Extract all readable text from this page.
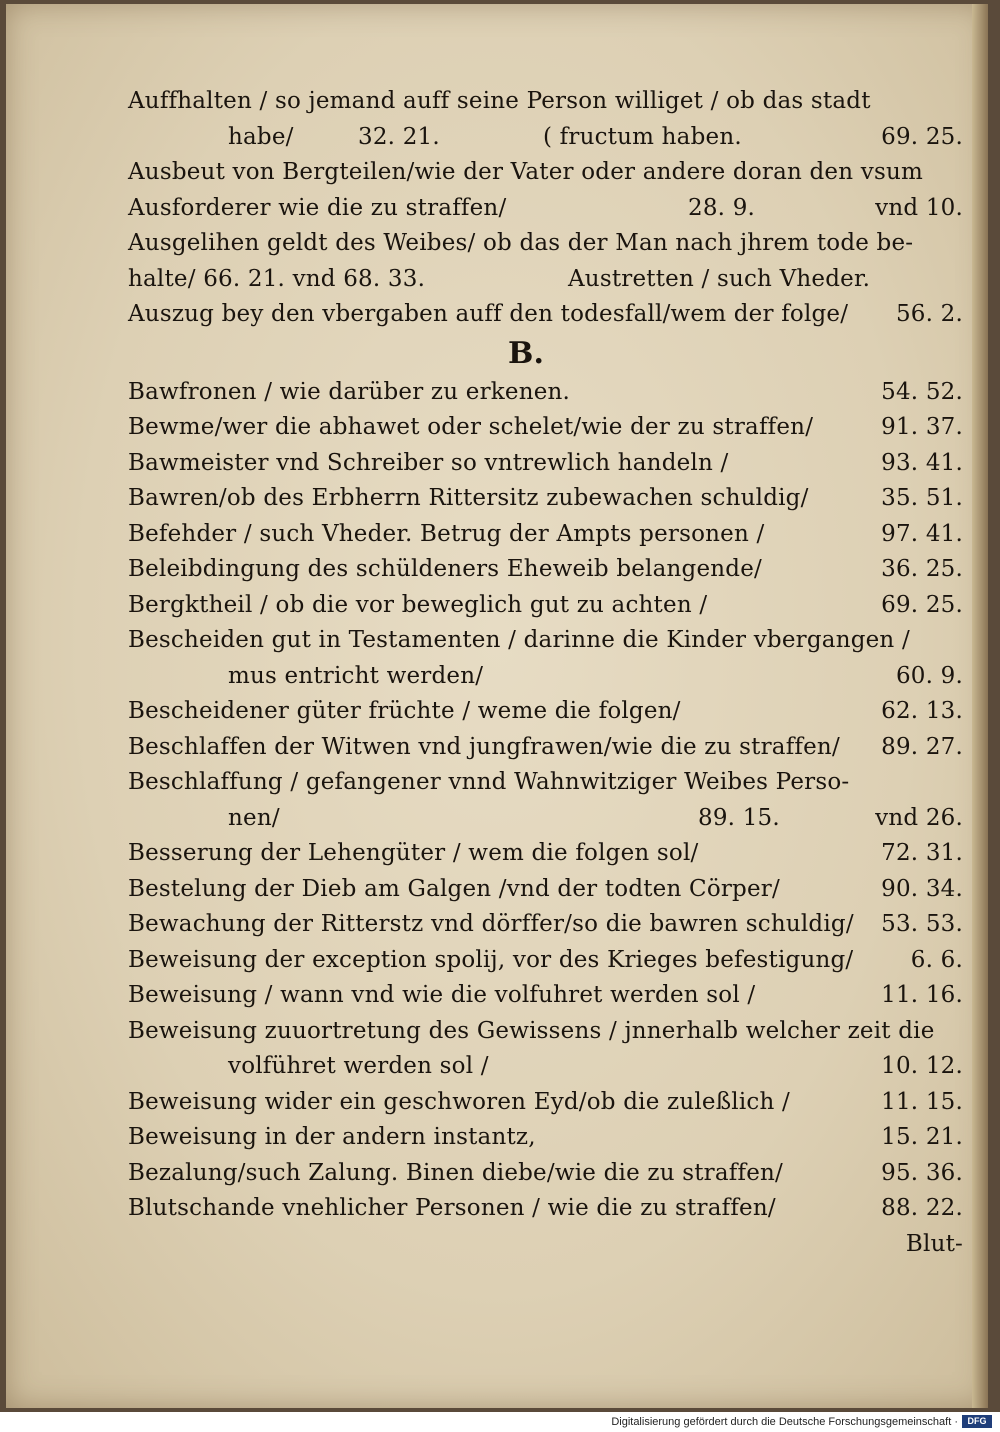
Auffhalten / so jemand auff seine Person williget / ob das stadt
habe/	32. 21.	( fructum haben.	69. 25.
Ausbeut von Bergteilen/wie der Vater oder andere doran den vsum
Ausforderer wie die zu straffen/	28. 9.	vnd 10.
Ausgelihen geldt des Weibes/ ob das der Man nach jhrem tode be-
halte/ 66. 21. vnd 68. 33.	Austretten / such Vheder.
Auszug bey den vbergaben auff den todesfall/wem der folge/ 56. 2.
B.
Bawfronen / wie darüber zu erkenen.	54. 52.
Bewme/wer die abhawet oder schelet/wie der zu straffen/	91. 37.
Bawmeister vnd Schreiber so vntrewlich handeln /	93. 41.
Bawren/ob des Erbherrn Rittersitz zubewachen schuldig/	35. 51.
Befehder / such Vheder. Betrug der Ampts personen /	97. 41.
Beleibdingung des schüldeners Eheweib belangende/	36. 25.
Bergktheil / ob die vor beweglich gut zu achten /	69. 25.
Bescheiden gut in Testamenten / darinne die Kinder vbergangen /
mus entricht werden/	60. 9.
Bescheidener güter früchte / weme die folgen/	62. 13.
Beschlaffen der Witwen vnd jungfrawen/wie die zu straffen/ 89. 27.
Beschlaffung / gefangener vnnd Wahnwitziger Weibes Perso-
nen/	89. 15.	vnd 26.
Besserung der Lehengüter / wem die folgen sol/	72. 31.
Bestelung der Dieb am Galgen /vnd der todten Cörper/	90. 34.
Bewachung der Ritterstz vnd dörffer/so die bawren schuldig/ 53. 53.
Beweisung der exception spolij, vor des Krieges befestigung/ 6. 6.
Beweisung / wann vnd wie die volfuhret werden sol /	11. 16.
Beweisung zuuortretung des Gewissens / jnnerhalb welcher zeit die
volführet werden sol /	10. 12.
Beweisung wider ein geschworen Eyd/ob die zuleßlich /	11. 15.
Beweisung in der andern instantz,	15. 21.
Bezalung/such Zalung. Binen diebe/wie die zu straffen/	95. 36.
Blutschande vnehlicher Personen / wie die zu straffen/	88. 22.
Blut-
Digitalisierung gefördert durch die Deutsche Forschungsgemeinschaft ·	DFG
